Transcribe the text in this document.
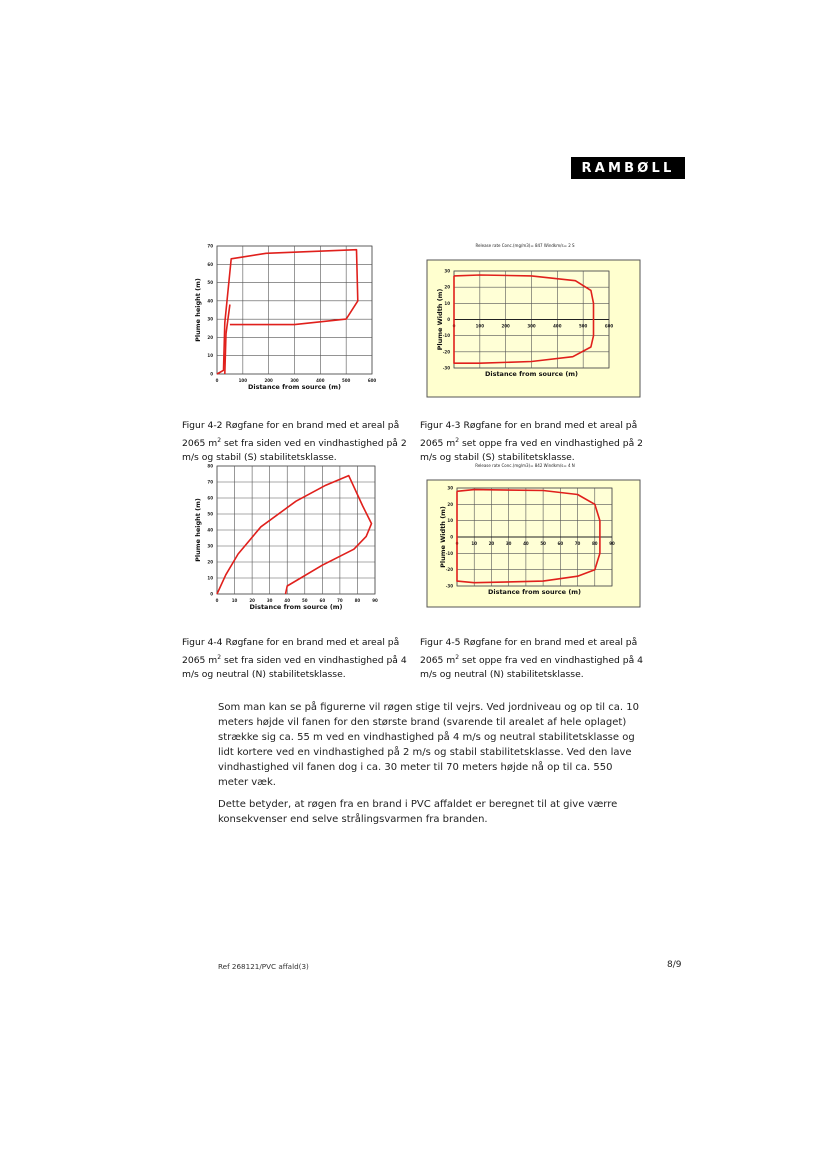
RAMBØLL
0	100	200	300	400	500	600
70
60
50
40
30
20
10
0
Distance from source (m)
Plume height (m)	0	100	200	300	400	500	600
30
20
10
0
-10
-20
-30
Distance from source (m)
Plume Width (m)
Release rate Conc.(mg/m3)= 847 Windkm/s= 2 S
0	10	20	30	40	50	60	70	80	90
80
70
60
50
40
30
20
10
0
Distance from source (m)
Plume height (m)	0	10	20	30	40	50	60	70	80	90
30
20
10
0
-10
-20
-30
Distance from source (m)
Plume Width (m)
Release rate Conc.(mg/m3)= 842 Windkm/s= 4 N
Figur 4-2 Røgfane for en brand med et areal på
2065 $m^2$ set fra siden ved en vindhastighed på 2
m/s og stabil (S) stabilitetsklasse.
Figur 4-3 Røgfane for en brand med et areal på
2065 $m^2$ set oppe fra ved en vindhastighed på 2
m/s og stabil (S) stabilitetsklasse.
Figur 4-4 Røgfane for en brand med et areal på
2065 $m^2$ set fra siden ved en vindhastighed på 4
m/s og neutral (N) stabilitetsklasse.
Figur 4-5 Røgfane for en brand med et areal på
2065 $m^2$ set oppe fra ved en vindhastighed på 4
m/s og neutral (N) stabilitetsklasse.

Som man kan se på figurerne vil røgen stige til vejrs. Ved jordniveau og op til ca. 10 meters højde vil fanen for den største brand (svarende til arealet af hele oplaget) strække sig ca. 55 m ved en vindhastighed på 4 m/s og neutral stabilitetsklasse og lidt kortere ved en vindhastighed på 2 m/s og stabil stabilitetsklasse. Ved den lave vindhastighed vil fanen dog i ca. 30 meter til 70 meters højde nå op til ca. 550 meter væk.

Dette betyder, at røgen fra en brand i PVC affaldet er beregnet til at give værre konsekvenser end selve strålingsvarmen fra branden.

Ref 268121/PVC affald(3)	8/9
